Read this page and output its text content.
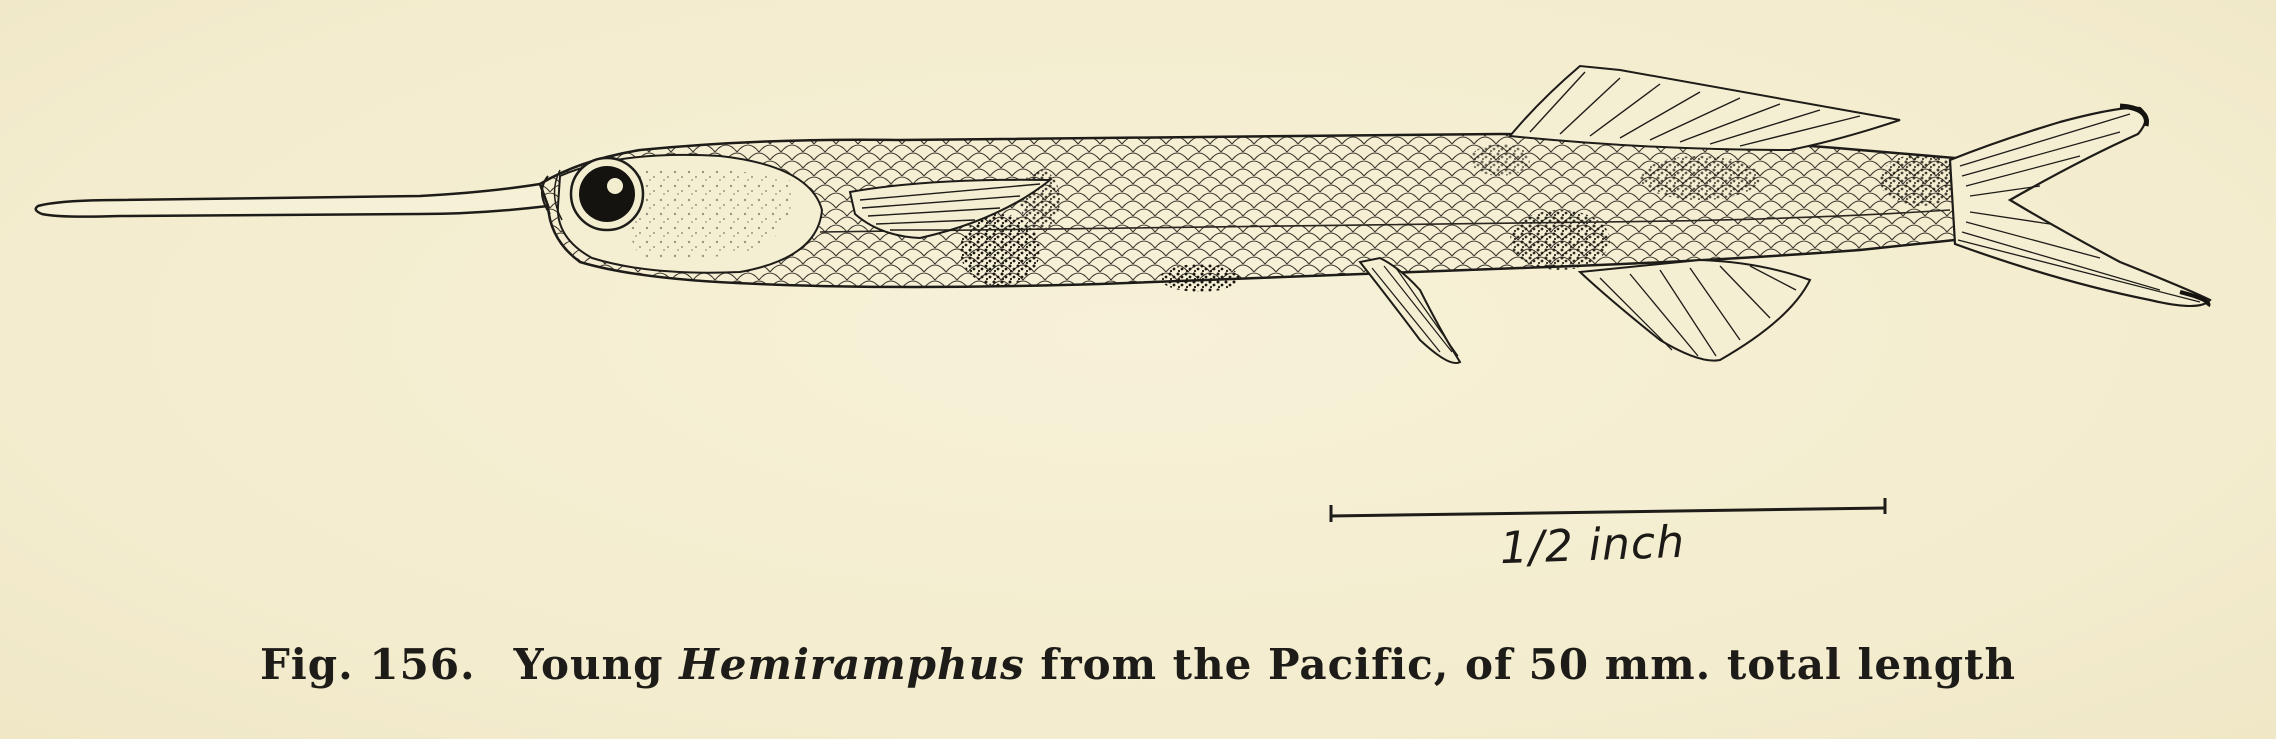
1/2 inch
Fig. 156. Young Hemiramphus from the Pacific, of 50 mm. total length
